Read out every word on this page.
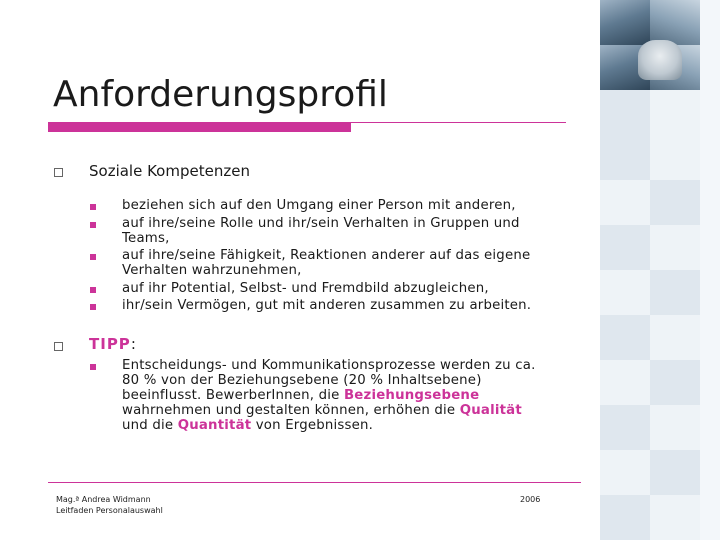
Anforderungsprofil

Soziale Kompetenzen

beziehen sich auf den Umgang einer Person mit anderen,

auf ihre/seine Rolle und ihr/sein Verhalten in Gruppen und

Teams,

auf ihre/seine Fähigkeit, Reaktionen anderer auf das eigene

Verhalten wahrzunehmen,

auf ihr Potential, Selbst- und Fremdbild abzugleichen,

ihr/sein Vermögen, gut mit anderen zusammen zu arbeiten.

TIPP:

Entscheidungs- und Kommunikationsprozesse werden zu ca.

80 % von der Beziehungsebene (20 % Inhaltsebene)

beeinflusst. BewerberInnen, die Beziehungsebene

wahrnehmen und gestalten können, erhöhen die Qualität

und die Quantität von Ergebnissen.

Mag.ª Andrea Widmann

Leitfaden Personalauswahl

2006
